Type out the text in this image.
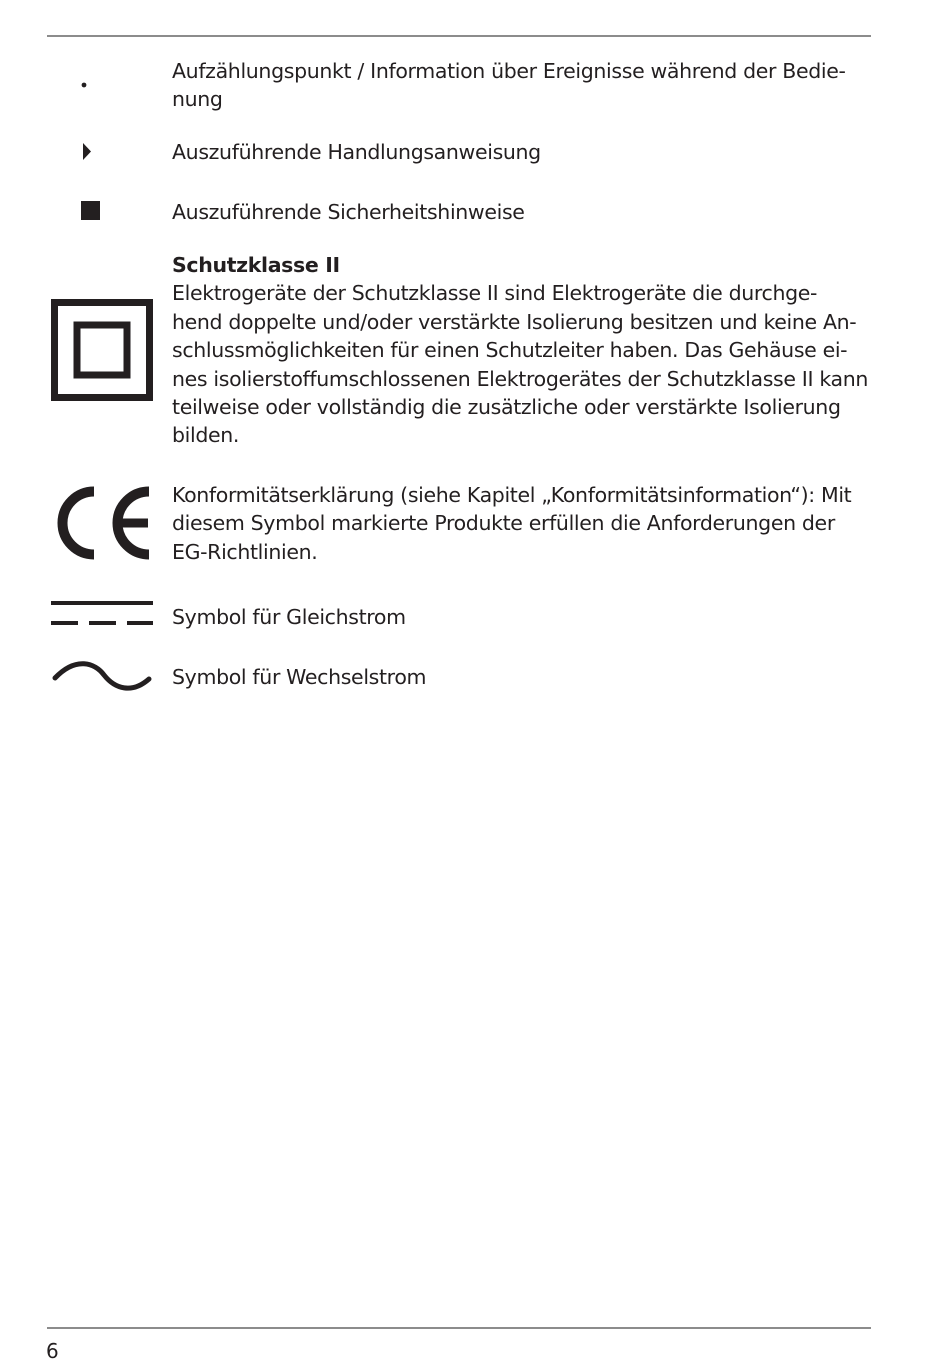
Aufzählungspunkt / Information über Ereignisse während der Bedie-
nung

Auszuführende Handlungsanweisung

Auszuführende Sicherheitshinweise

Schutzklasse II
Elektrogeräte der Schutzklasse II sind Elektrogeräte die durchge-
hend doppelte und/oder verstärkte Isolierung besitzen und keine An-
schlussmöglichkeiten für einen Schutzleiter haben. Das Gehäuse ei-
nes isolierstoffumschlossenen Elektrogerätes der Schutzklasse II kann
teilweise oder vollständig die zusätzliche oder verstärkte Isolierung
bilden.

Konformitätserklärung (siehe Kapitel „Konformitätsinformation“): Mit
diesem Symbol markierte Produkte erfüllen die Anforderungen der
EG-Richtlinien.

Symbol für Gleichstrom

Symbol für Wechselstrom

6
